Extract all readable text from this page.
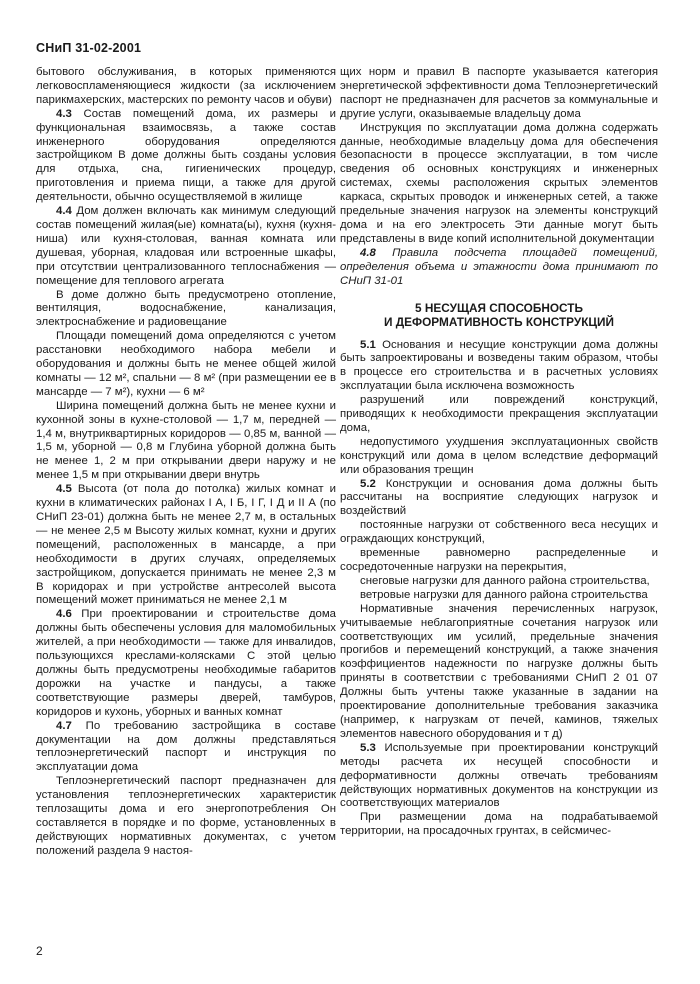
СНиП 31-02-2001

бытового обслуживания, в которых применяются легковоспламеняющиеся жидкости (за исключением парикмахерских, мастерских по ремонту часов и обуви)

4.3 Состав помещений дома, их размеры и функциональная взаимосвязь, а также состав инженерного оборудования определяются застройщиком В доме должны быть созданы условия для отдыха, сна, гигиенических процедур, приготовления и приема пищи, а также для другой деятельности, обычно осуществляемой в жилище

4.4 Дом должен включать как минимум следующий состав помещений жилая(ые) комната(ы), кухня (кухня-ниша) или кухня-столовая, ванная комната или душевая, уборная, кладовая или встроенные шкафы, при отсутствии централизованного теплоснабжения — помещение для теплового агрегата

В доме должно быть предусмотрено отопление, вентиляция, водоснабжение, канализация, электроснабжение и радиовещание

Площади помещений дома определяются с учетом расстановки необходимого набора мебели и оборудования и должны быть не менее общей жилой комнаты — 12 м², спальни — 8 м² (при размещении ее в мансарде — 7 м²), кухни — 6 м²

Ширина помещений должна быть не менее кухни и кухонной зоны в кухне-столовой — 1,7 м, передней — 1,4 м, внутриквартирных коридоров — 0,85 м, ванной — 1,5 м, уборной — 0,8 м Глубина уборной должна быть не менее 1, 2 м при открывании двери наружу и не менее 1,5 м при открывании двери внутрь

4.5 Высота (от пола до потолка) жилых комнат и кухни в климатических районах I А, I Б, I Г, I Д и II А (по СНиП 23-01) должна быть не менее 2,7 м, в остальных — не менее 2,5 м Высоту жилых комнат, кухни и других помещений, расположенных в мансарде, а при необходимости в других случаях, определяемых застройщиком, допускается принимать не менее 2,3 м В коридорах и при устройстве антресолей высота помещений может приниматься не менее 2,1 м

4.6 При проектировании и строительстве дома должны быть обеспечены условия для маломобильных жителей, а при необходимости — также для инвалидов, пользующихся креслами-колясками С этой целью должны быть предусмотрены необходимые габаритов дорожки на участке и пандусы, а также соответствующие размеры дверей, тамбуров, коридоров и кухонь, уборных и ванных комнат

4.7 По требованию застройщика в составе документации на дом должны представляться теплоэнергетический паспорт и инструкция по эксплуатации дома

Теплоэнергетический паспорт предназначен для установления теплоэнергетических характеристик теплозащиты дома и его энергопотребления Он составляется в порядке и по форме, установленных в действующих нормативных документах, с учетом положений раздела 9 настоя-

щих норм и правил В паспорте указывается категория энергетической эффективности дома Теплоэнергетический паспорт не предназначен для расчетов за коммунальные и другие услуги, оказываемые владельцу дома

Инструкция по эксплуатации дома должна содержать данные, необходимые владельцу дома для обеспечения безопасности в процессе эксплуатации, в том числе сведения об основных конструкциях и инженерных системах, схемы расположения скрытых элементов каркаса, скрытых проводок и инженерных сетей, а также предельные значения нагрузок на элементы конструкций дома и на его электросеть Эти данные могут быть представлены в виде копий исполнительной документации

4.8 Правила подсчета площадей помещений, определения объема и этажности дома принимают по СНиП 31-01

5 НЕСУЩАЯ СПОСОБНОСТЬ
И ДЕФОРМАТИВНОСТЬ КОНСТРУКЦИЙ

5.1 Основания и несущие конструкции дома должны быть запроектированы и возведены таким образом, чтобы в процессе его строительства и в расчетных условиях эксплуатации была исключена возможность

разрушений или повреждений конструкций, приводящих к необходимости прекращения эксплуатации дома,

недопустимого ухудшения эксплуатационных свойств конструкций или дома в целом вследствие деформаций или образования трещин

5.2 Конструкции и основания дома должны быть рассчитаны на восприятие следующих нагрузок и воздействий

постоянные нагрузки от собственного веса несущих и ограждающих конструкций,

временные равномерно распределенные и сосредоточенные нагрузки на перекрытия,

снеговые нагрузки для данного района строительства,

ветровые нагрузки для данного района строительства

Нормативные значения перечисленных нагрузок, учитываемые неблагоприятные сочетания нагрузок или соответствующих им усилий, предельные значения прогибов и перемещений конструкций, а также значения коэффициентов надежности по нагрузке должны быть приняты в соответствии с требованиями СНиП 2 01 07 Должны быть учтены также указанные в задании на проектирование дополнительные требования заказчика (например, к нагрузкам от печей, каминов, тяжелых элементов навесного оборудования и т д)

5.3 Используемые при проектировании конструкций методы расчета их несущей способности и деформативности должны отвечать требованиям действующих нормативных документов на конструкции из соответствующих материалов

При размещении дома на подрабатываемой территории, на просадочных грунтах, в сейсмичес-

2
